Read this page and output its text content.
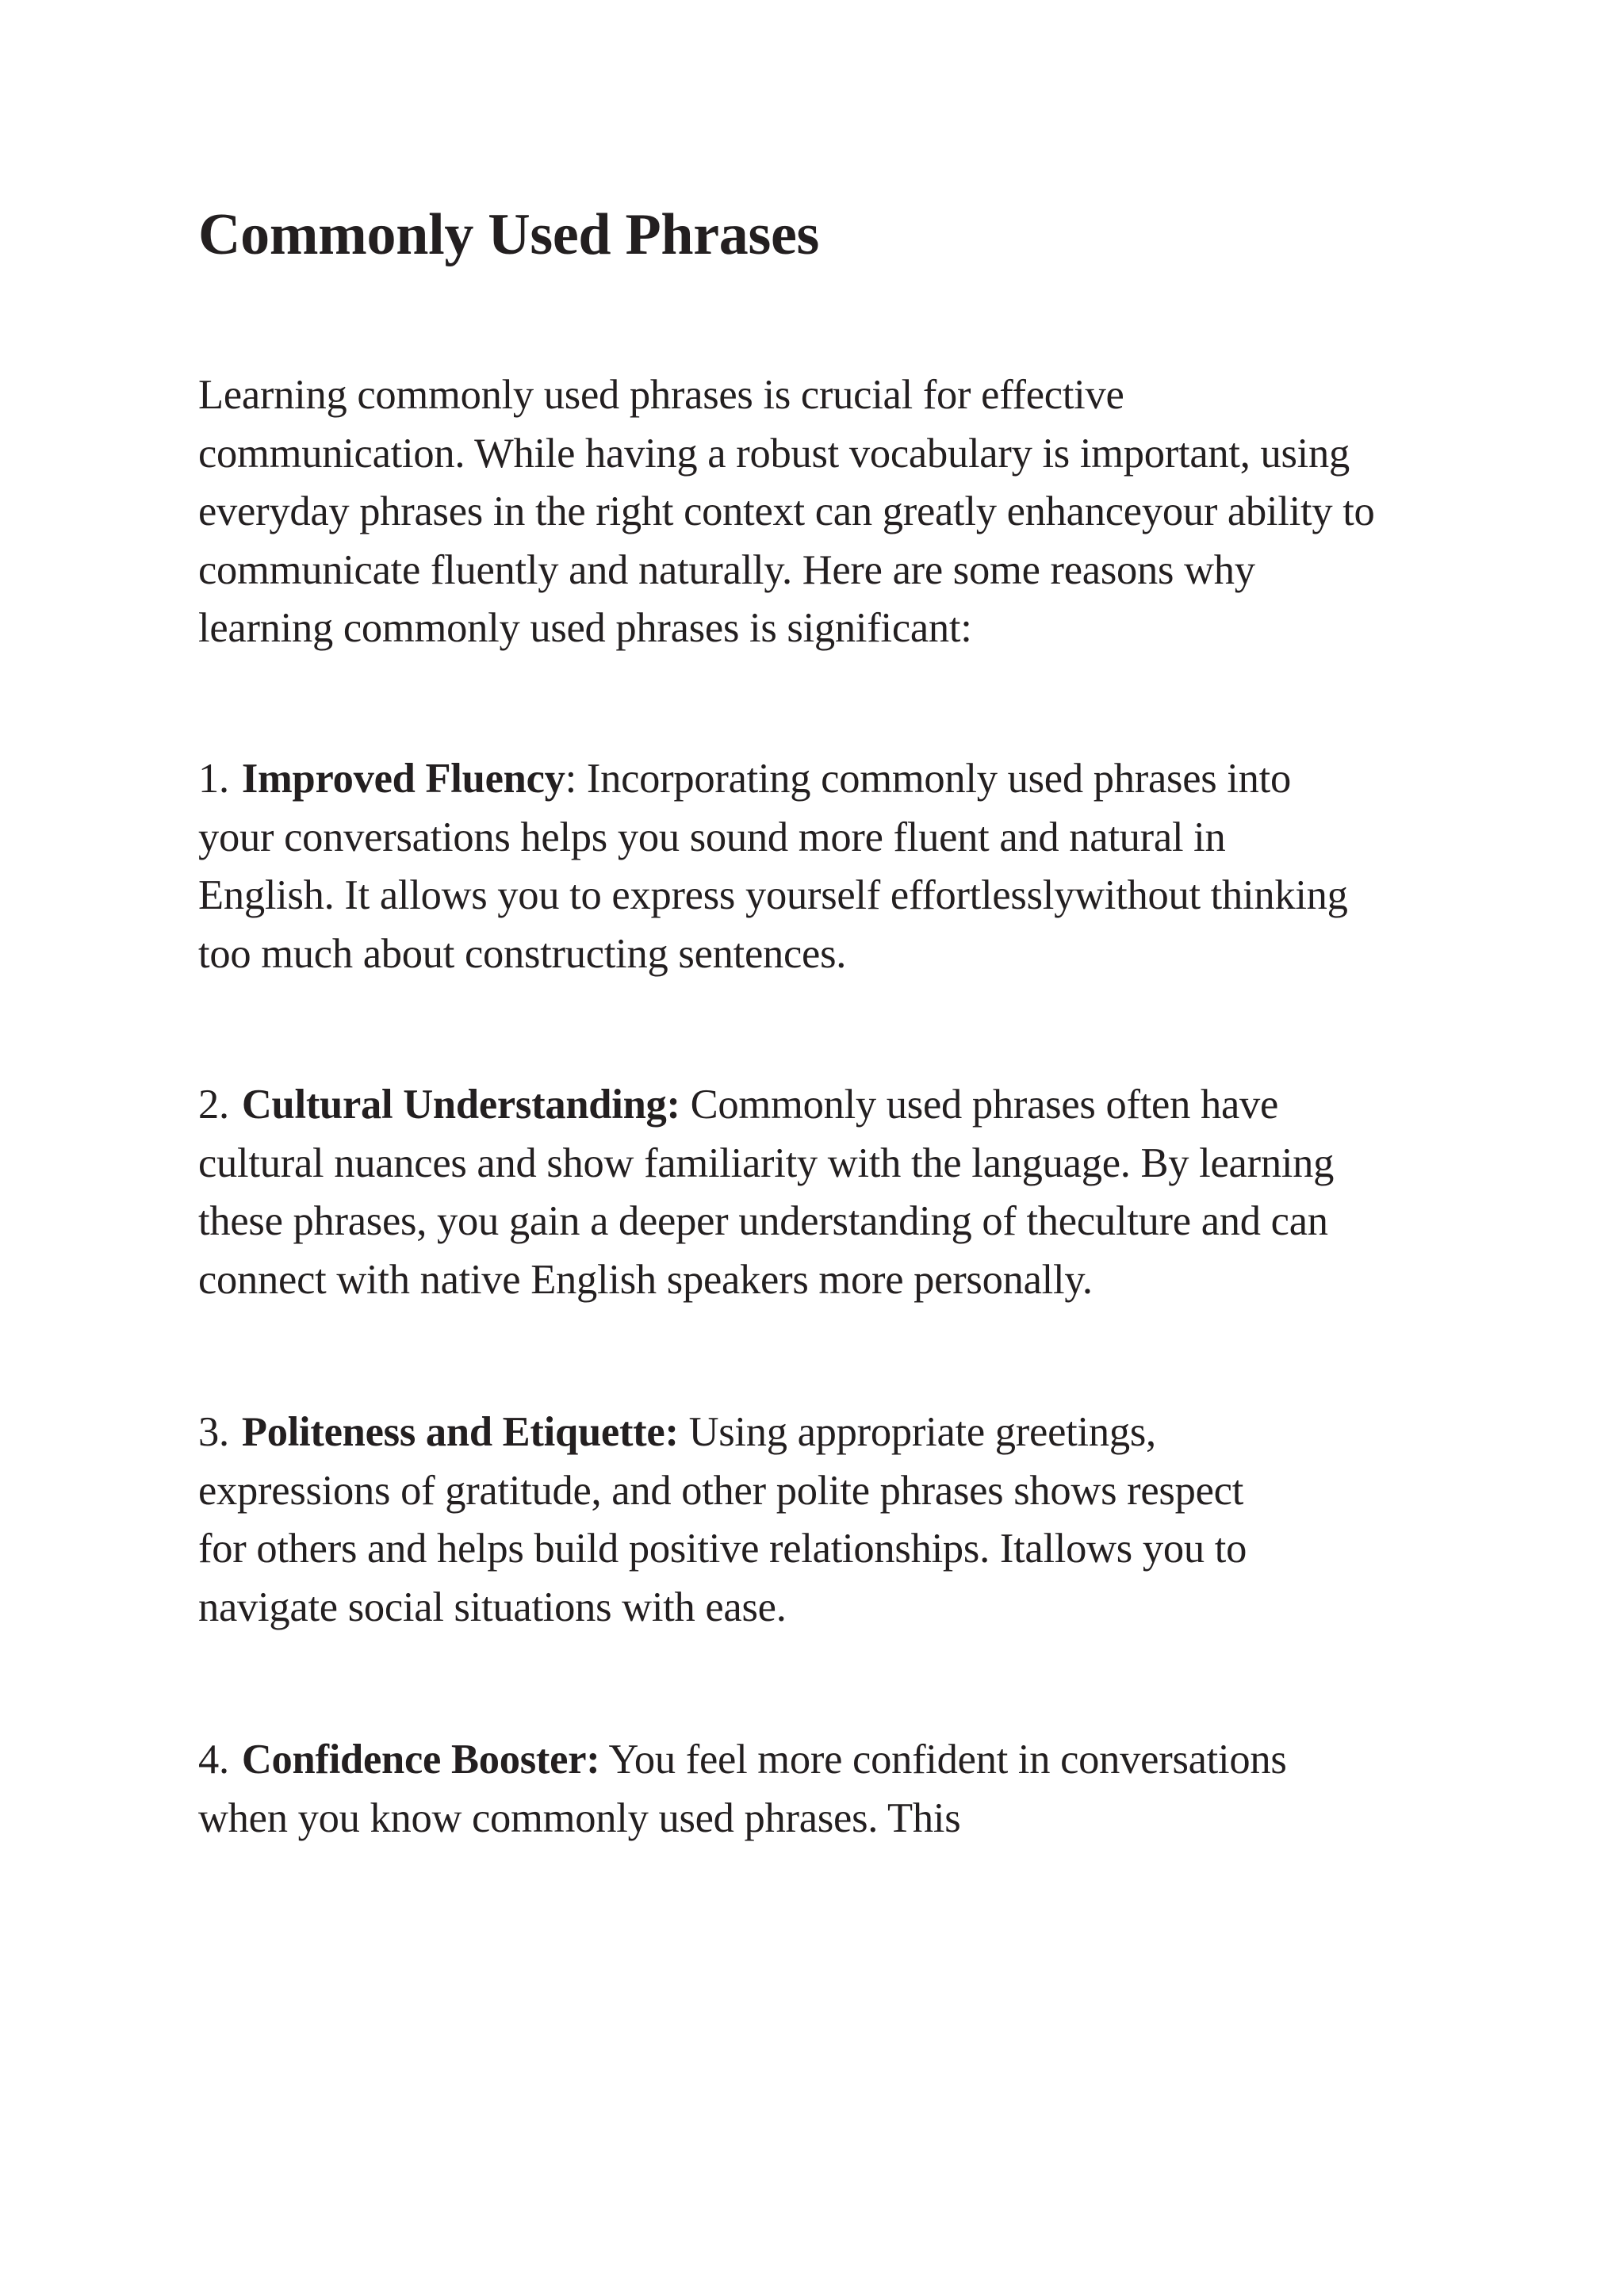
Commonly Used Phrases

Learning commonly used phrases is crucial for effective
communication. While having a robust vocabulary is important, using
everyday phrases in the right context can greatly enhanceyour ability to
communicate fluently and naturally. Here are some reasons why
learning commonly used phrases is significant:

1. Improved Fluency: Incorporating commonly used phrases into
your conversations helps you sound more fluent and natural in
English. It allows you to express yourself effortlesslywithout thinking
too much about constructing sentences.

2. Cultural Understanding: Commonly used phrases often have
cultural nuances and show familiarity with the language. By learning
these phrases, you gain a deeper understanding of theculture and can
connect with native English speakers more personally.

3. Politeness and Etiquette: Using appropriate greetings,
expressions of gratitude, and other polite phrases shows respect
for others and helps build positive relationships. Itallows you to
navigate social situations with ease.

4. Confidence Booster: You feel more confident in conversations
when you know commonly used phrases. This
